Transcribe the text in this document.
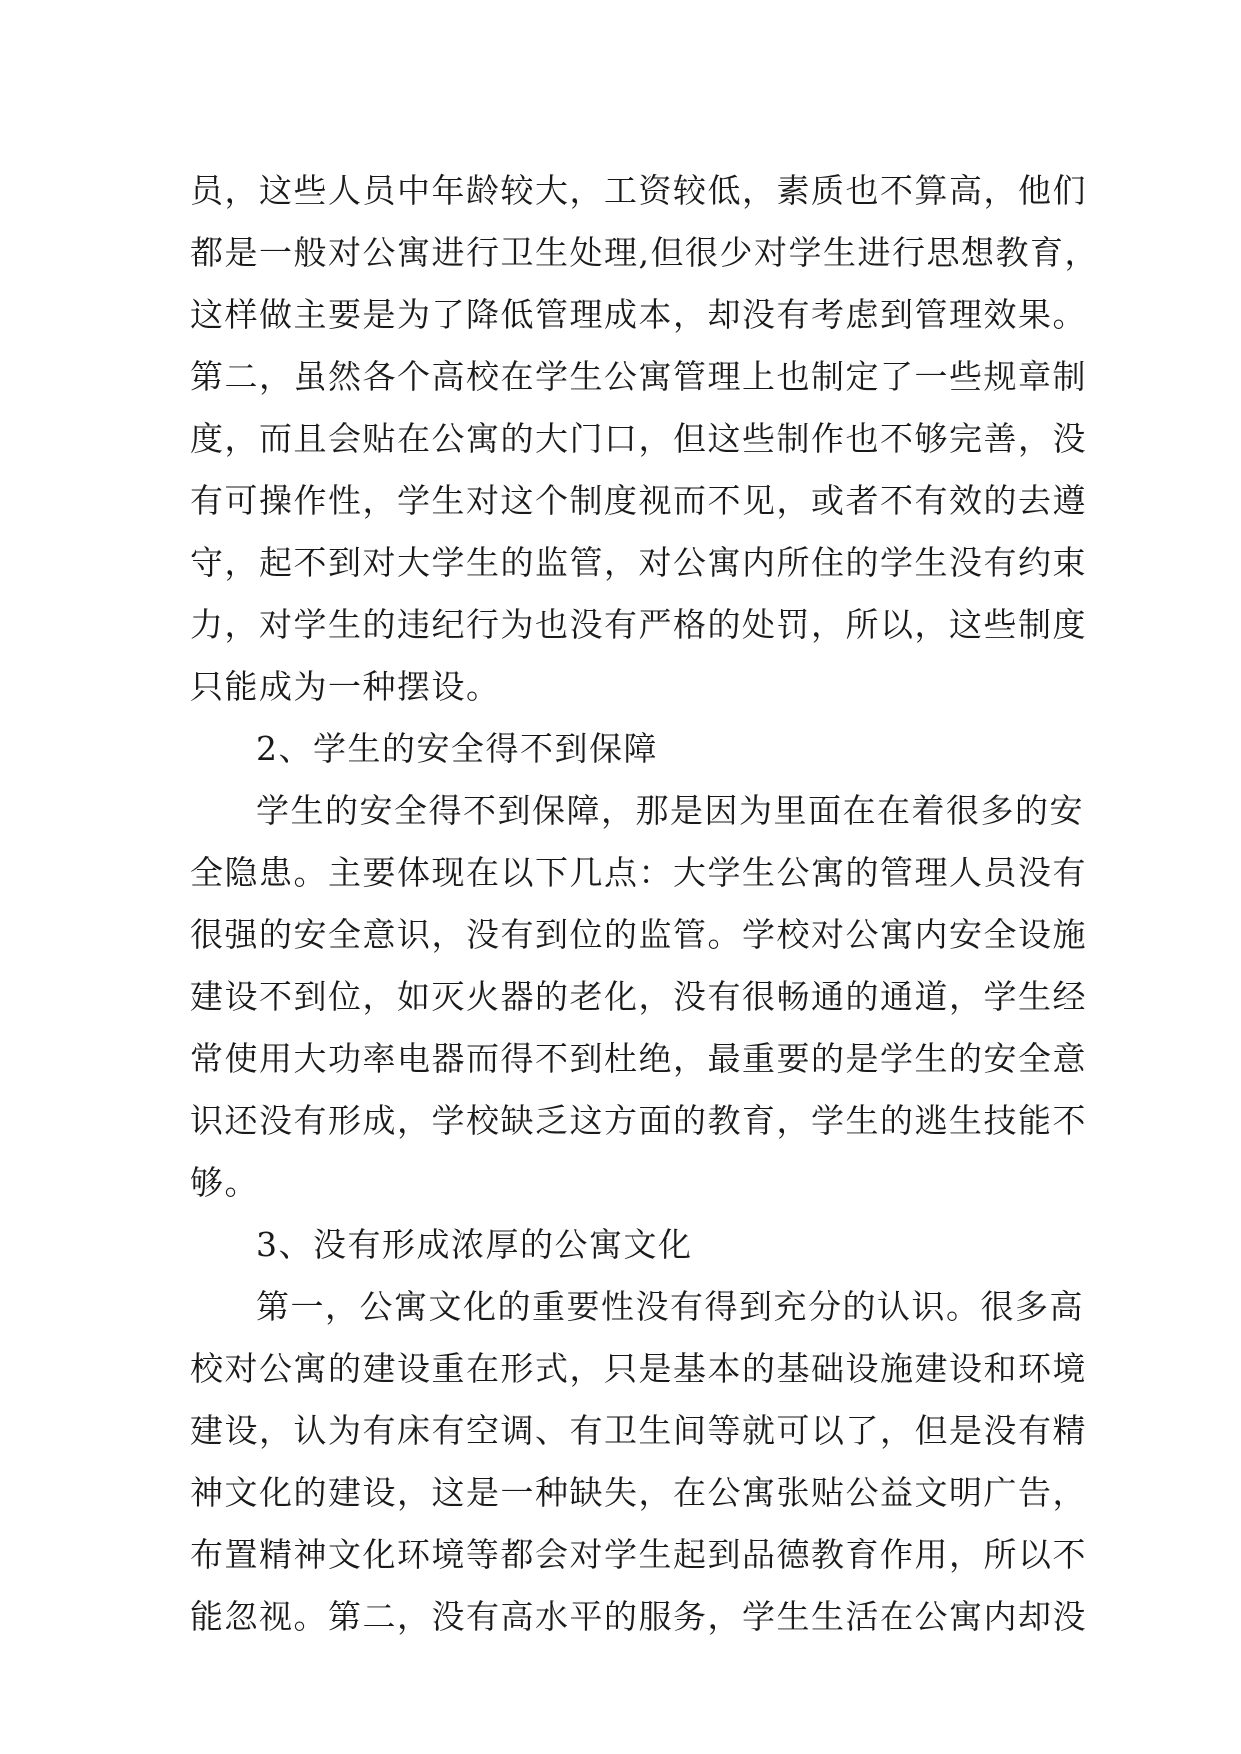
员，这些人员中年龄较大，工资较低，素质也不算高，他们
都是一般对公寓进行卫生处理,但很少对学生进行思想教育，
这样做主要是为了降低管理成本，却没有考虑到管理效果。
第二，虽然各个高校在学生公寓管理上也制定了一些规章制
度，而且会贴在公寓的大门口，但这些制作也不够完善，没
有可操作性，学生对这个制度视而不见，或者不有效的去遵
守，起不到对大学生的监管，对公寓内所住的学生没有约束
力，对学生的违纪行为也没有严格的处罚，所以，这些制度
只能成为一种摆设。
2、学生的安全得不到保障
学生的安全得不到保障，那是因为里面在在着很多的安
全隐患。主要体现在以下几点：大学生公寓的管理人员没有
很强的安全意识，没有到位的监管。学校对公寓内安全设施
建设不到位，如灭火器的老化，没有很畅通的通道，学生经
常使用大功率电器而得不到杜绝，最重要的是学生的安全意
识还没有形成，学校缺乏这方面的教育，学生的逃生技能不
够。
3、没有形成浓厚的公寓文化
第一，公寓文化的重要性没有得到充分的认识。很多高
校对公寓的建设重在形式，只是基本的基础设施建设和环境
建设，认为有床有空调、有卫生间等就可以了，但是没有精
神文化的建设，这是一种缺失，在公寓张贴公益文明广告，
布置精神文化环境等都会对学生起到品德教育作用，所以不
能忽视。第二，没有高水平的服务，学生生活在公寓内却没
